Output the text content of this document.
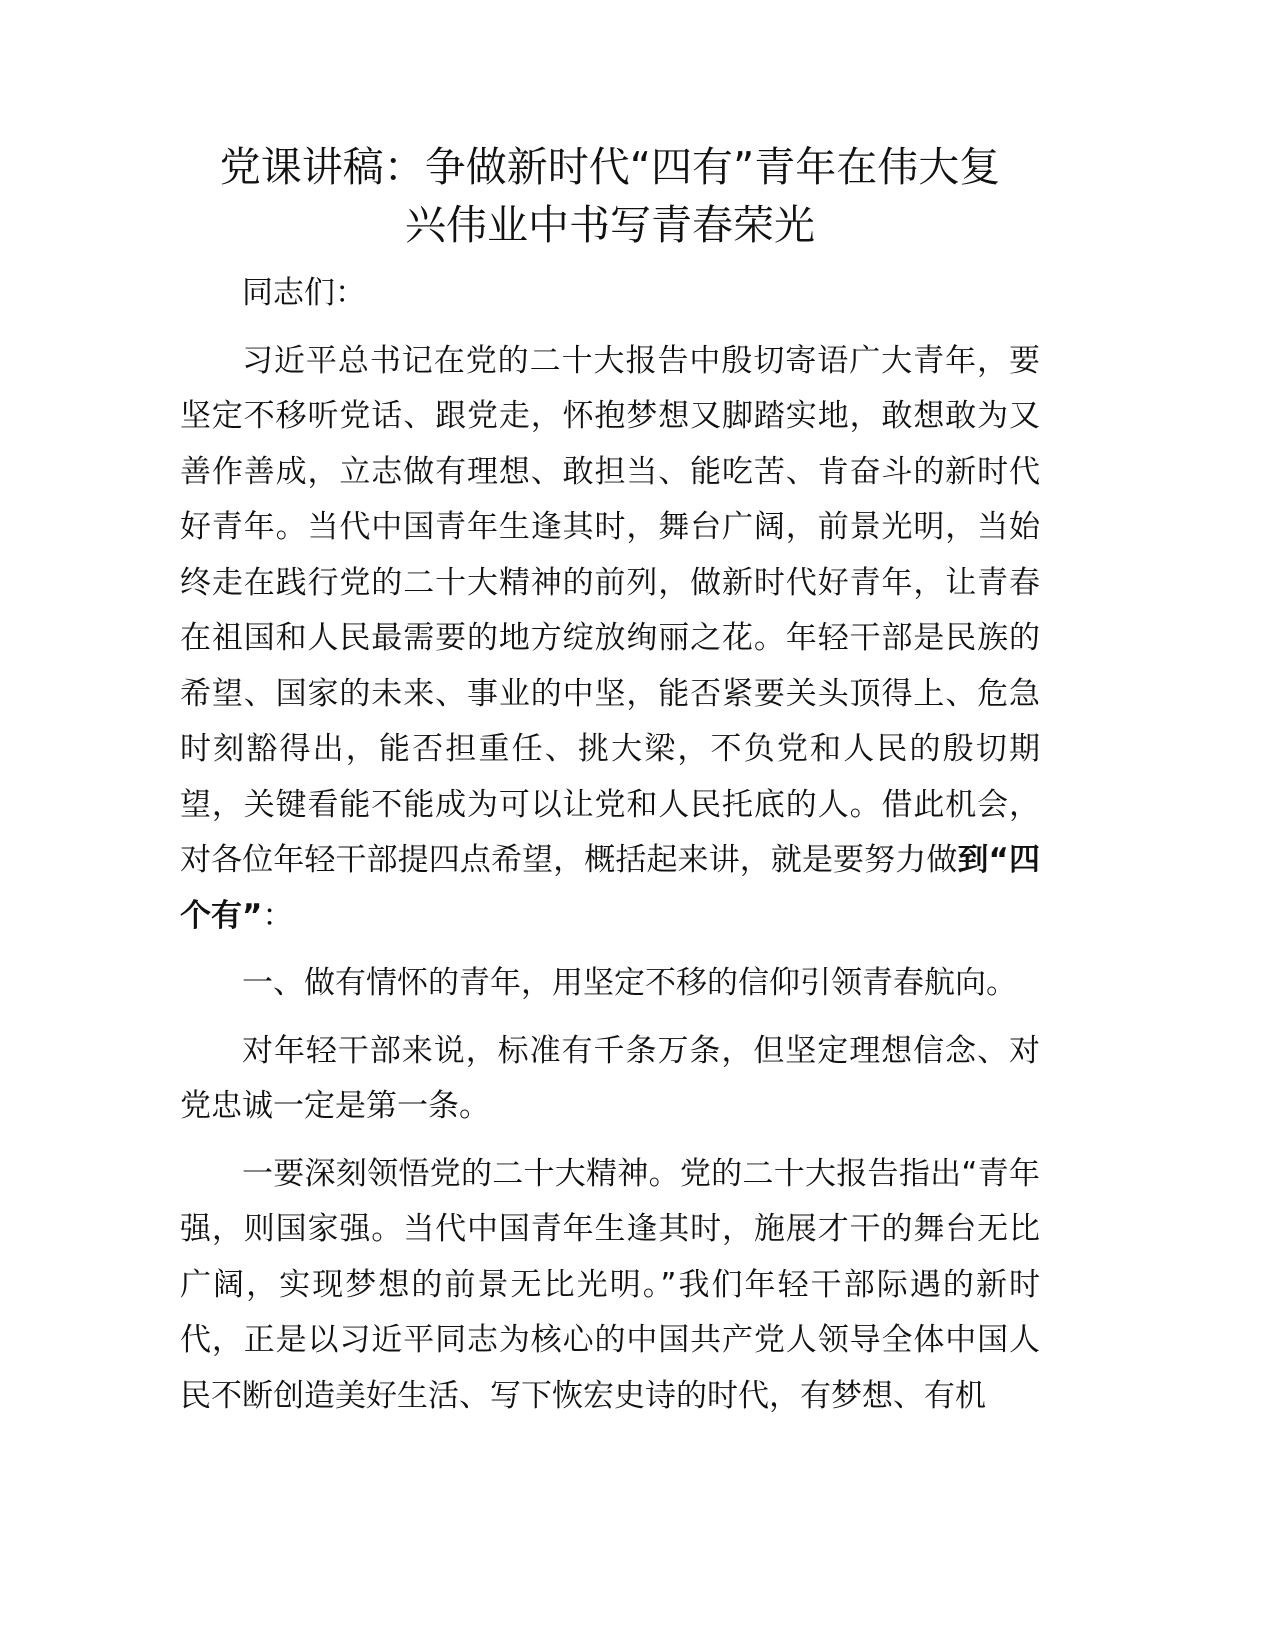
党课讲稿：争做新时代“四有”青年在伟大复
兴伟业中书写青春荣光

同志们：

习近平总书记在党的二十大报告中殷切寄语广大青年，要坚定不移听党话、跟党走，怀抱梦想又脚踏实地，敢想敢为又善作善成，立志做有理想、敢担当、能吃苦、肯奋斗的新时代好青年。当代中国青年生逢其时，舞台广阔，前景光明，当始终走在践行党的二十大精神的前列，做新时代好青年，让青春在祖国和人民最需要的地方绽放绚丽之花。年轻干部是民族的希望、国家的未来、事业的中坚，能否紧要关头顶得上、危急时刻豁得出，能否担重任、挑大梁，不负党和人民的殷切期望，关键看能不能成为可以让党和人民托底的人。借此机会，对各位年轻干部提四点希望，概括起来讲，就是要努力做到“四个有”：

一、做有情怀的青年，用坚定不移的信仰引领青春航向。

对年轻干部来说，标准有千条万条，但坚定理想信念、对党忠诚一定是第一条。

一要深刻领悟党的二十大精神。党的二十大报告指出“青年强，则国家强。当代中国青年生逢其时，施展才干的舞台无比广阔，实现梦想的前景无比光明。”我们年轻干部际遇的新时代，正是以习近平同志为核心的中国共产党人领导全体中国人民不断创造美好生活、写下恢宏史诗的时代，有梦想、有机
